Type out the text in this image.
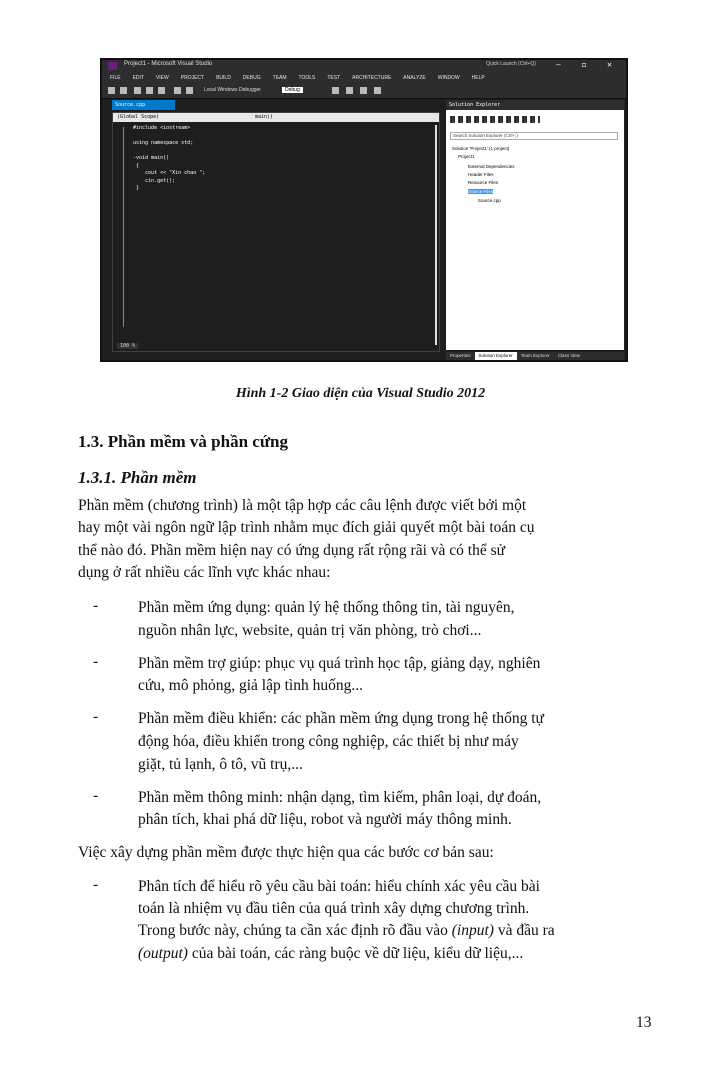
Project1 - Microsoft Visual Studio	Quick Launch (Ctrl+Q) — ◻ ✕
FILE EDIT VIEW PROJECT BUILD DEBUG TEAM TOOLS TEST ARCHITECTURE ANALYZE WINDOW HELP
Local Windows Debugger	Debug
Source.cpp
(Global Scope)	main()
#include <iostream>

using namespace std;

-void main()
{
cout << "Xin chao ";
cin.get();
}
100 %
Solution Explorer
Search Solution Explorer (Ctrl+;)
Solution 'Project1' (1 project)
Project1
External Dependencies
Header Files
Resource Files
Source Files
Source.cpp
Properties	Solution Explorer	Team Explorer	Class View
Hình 1-2 Giao diện của Visual Studio 2012
1.3. Phần mềm và phần cứng
1.3.1. Phần mềm
Phần mềm (chương trình) là một tập hợp các câu lệnh được viết bởi một
hay một vài ngôn ngữ lập trình nhằm mục đích giải quyết một bài toán cụ
thể nào đó. Phần mềm hiện nay có ứng dụng rất rộng rãi và có thể sử
dụng ở rất nhiều các lĩnh vực khác nhau:
-	Phần mềm ứng dụng: quản lý hệ thống thông tin, tài nguyên,
nguồn nhân lực, website, quản trị văn phòng, trò chơi...
-	Phần mềm trợ giúp: phục vụ quá trình học tập, giảng dạy, nghiên
cứu, mô phỏng, giả lập tình huống...
-	Phần mềm điều khiển: các phần mềm ứng dụng trong hệ thống tự
động hóa, điều khiển trong công nghiệp, các thiết bị như máy
giặt, tủ lạnh, ô tô, vũ trụ,...
-	Phần mềm thông minh: nhận dạng, tìm kiếm, phân loại, dự đoán,
phân tích, khai phá dữ liệu, robot và người máy thông minh.
Việc xây dựng phần mềm được thực hiện qua các bước cơ bản sau:
-	Phân tích để hiểu rõ yêu cầu bài toán: hiểu chính xác yêu cầu bài
toán là nhiệm vụ đầu tiên của quá trình xây dựng chương trình.
Trong bước này, chúng ta cần xác định rõ đầu vào (input) và đầu ra
(output) của bài toán, các ràng buộc về dữ liệu, kiểu dữ liệu,...
13
